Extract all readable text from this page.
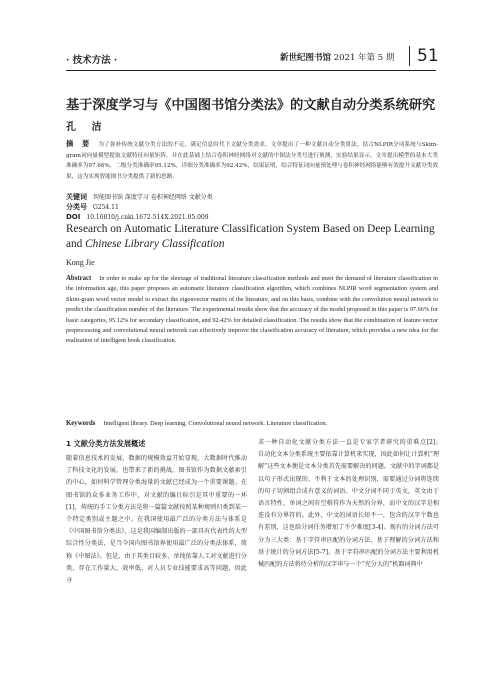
· 技术方法 ·	新世纪图书馆 2021 年第 5 期 51
基于深度学习与《中国图书馆分类法》的文献自动分类系统研究
孔 洁
摘 要 为了弥补传统文献分类方法的不足，满足信息时代下文献分类需求，文章提出了一种文献自动分类算法，结合NLPIR分词系统与Skim-gram词向量模型提取文献特征向量矩阵，并在此基础上结合卷积神经网络对文献的中图法分类号进行预测，实验结果显示，文章提出模型的基本大类准确率为97.66%，二级分类准确率95.12%，详细分类准确率为92.42%，结果证明，结合特征词向量预处理与卷积神经网络能够有效提升文献分类效果，这为实现智能图书分类提供了新的思路。
关键词 智能图书馆 深度学习 卷积神经网络 文献分类
分类号 G254.11
DOI 10.16810/j.cnki.1672-514X.2021.05.009
Research on Automatic Literature Classification System Based on Deep Learning and Chinese Library Classification
Kong Jie
Abstract In order to make up for the shortage of traditional literature classification methods and meet the demand of literature classification in the information age, this paper proposes an automatic literature classification algorithm, which combines NLPIR word segmentation system and Skim-gram word vector model to extract the eigenvector matrix of the literature, and on this basis, combine with the convolution neural network to predict the classification number of the literature. The experimental results show that the accuracy of the model proposed in this paper is 97.66% for basic categories, 95.12% for secondary classification, and 92.42% for detailed classification. The results show that the combination of feature vector preprocessing and convolutional neural network can effectively improve the classification accuracy of literature, which provides a new idea for the realization of intelligent book classification.
Keywords Intelligent library. Deep learning. Convolutional neural network. Literature classification.
1 文献分类方法发展概述
随着信息技术的发展，数据的规模效益开始显现，大数据时代推动了科技文化的发展，也带来了新的挑战。图书馆作为数据文献索引的中心，如何科学管理分类海量的文献已经成为一个重要课题。在图书馆的众多业务工作中，对文献的编目标引是其中重要的一环[1]，传统的手工分类方法是将一篇篇文献按照某种规则归类到某一个特定类别或主题之中。在我国使用最广泛的分类方法与体系是《中国图书馆分类法》，这是我国编制出版的一部具有代表性的大型综合性分类法，是当今国内图书馆界使用最广泛的分类法体系，简称《中图法》。但是，由于其类目较多，单纯依靠人工对文献进行分类，存在工作量大、效率低、对人员专业技能要求高等问题，因此寻
求一种自动化文献分类方法一直是专家学者研究的重难点[2]。　　自动化文本分类系统主要依靠计算机来实现，因此如何让计算机“理解”这些文本便是文本分类首先需要解决的问题。文献中的字词都是以句子形式出现的，不利于文本的处理识别，需要通过分词将连续的句子切割组合成有意义的词语。中文分词不同于英文，英文由于语言特性，单词之间有空格符作为天然的分界，而中文的汉字是相连没有分界符的。此外，中文的词语长短不一，包含的汉字个数也有差别，这也给分词任务增加了不少难度[3-4]。现有的分词方法可分为三大类：基于字符串匹配的分词方法、基于理解的分词方法和基于统计的分词方法[5-7]。基于字符串匹配的分词方法主要利用机械匹配的方法将待分析的汉字串与一个“充分大的”机器词典中
